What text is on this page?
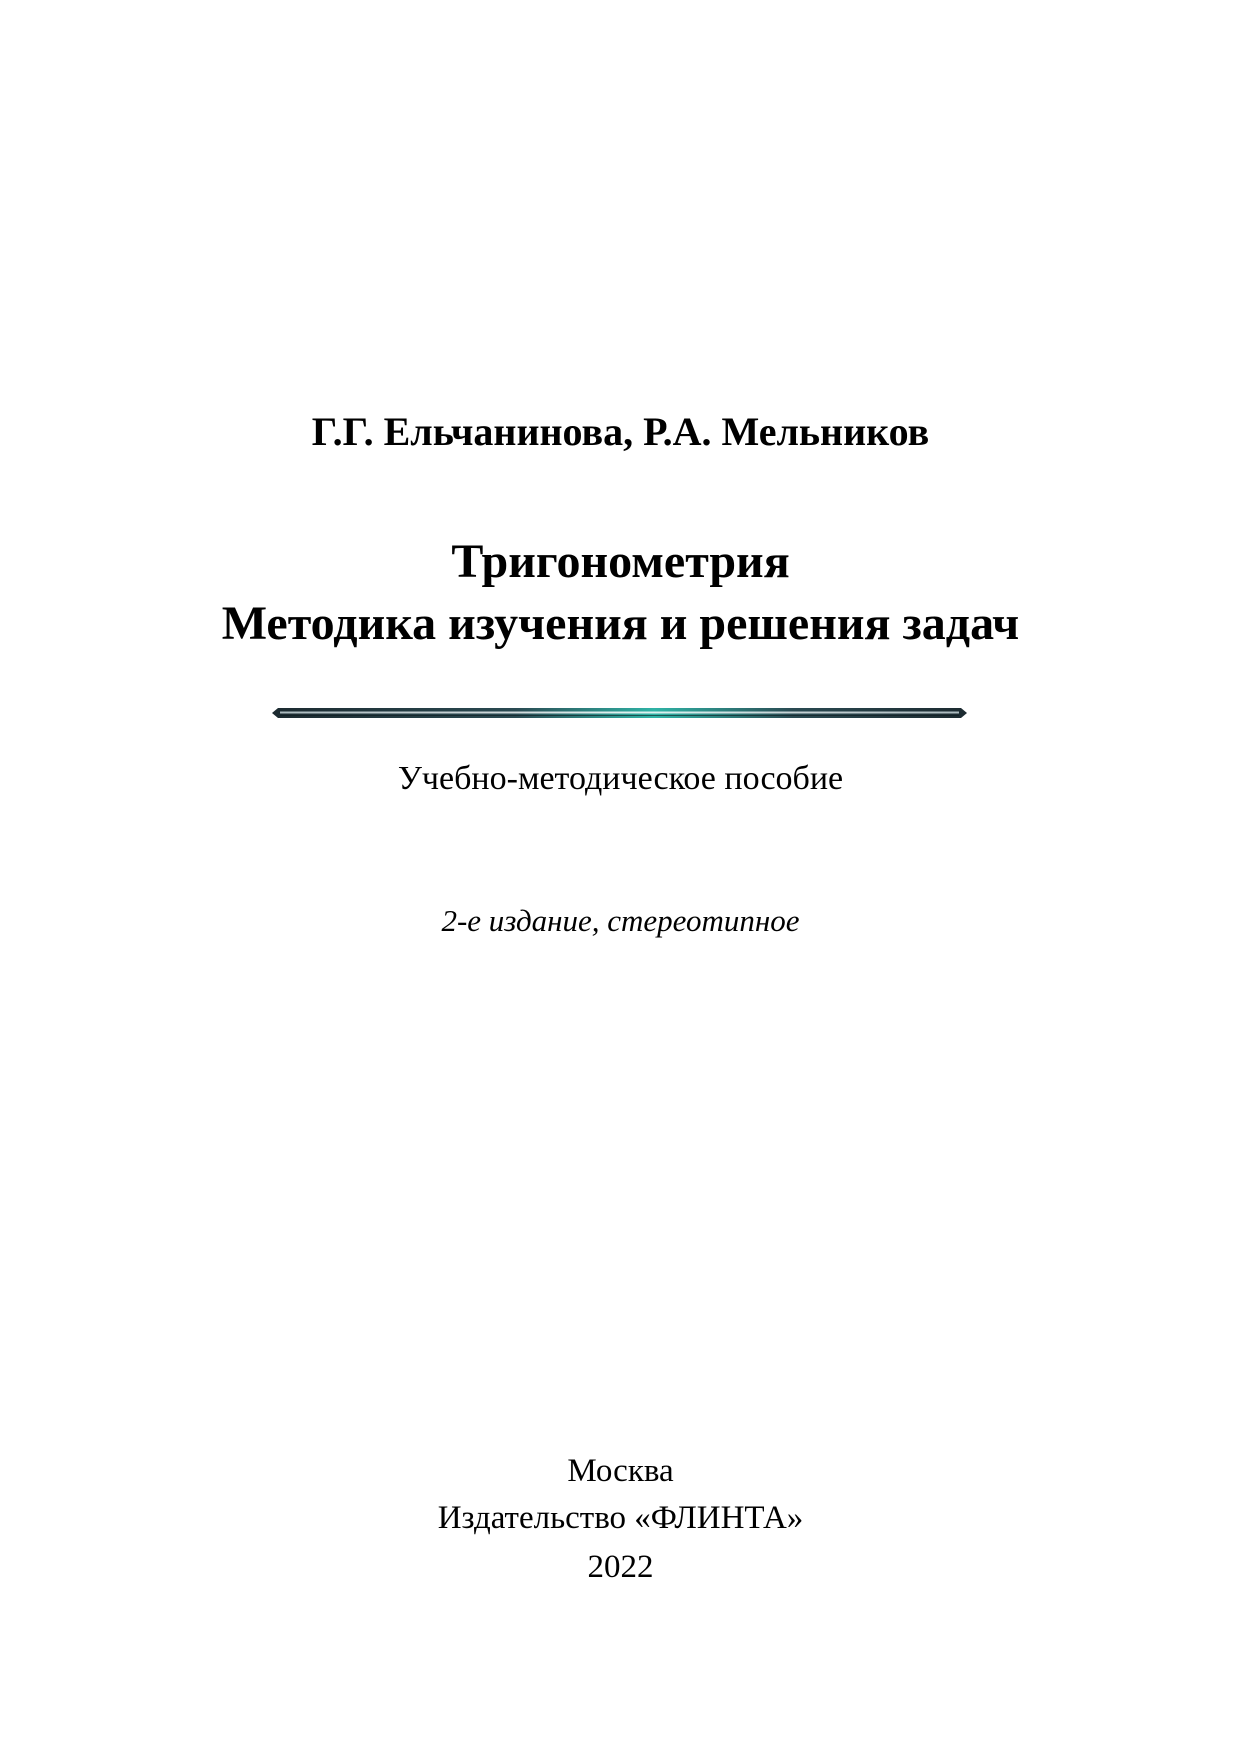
Г.Г. Ельчанинова, Р.А. Мельников
Тригонометрия
Методика изучения и решения задач
Учебно-методическое пособие
2-е издание, стереотипное
Москва
Издательство «ФЛИНТА»
2022
